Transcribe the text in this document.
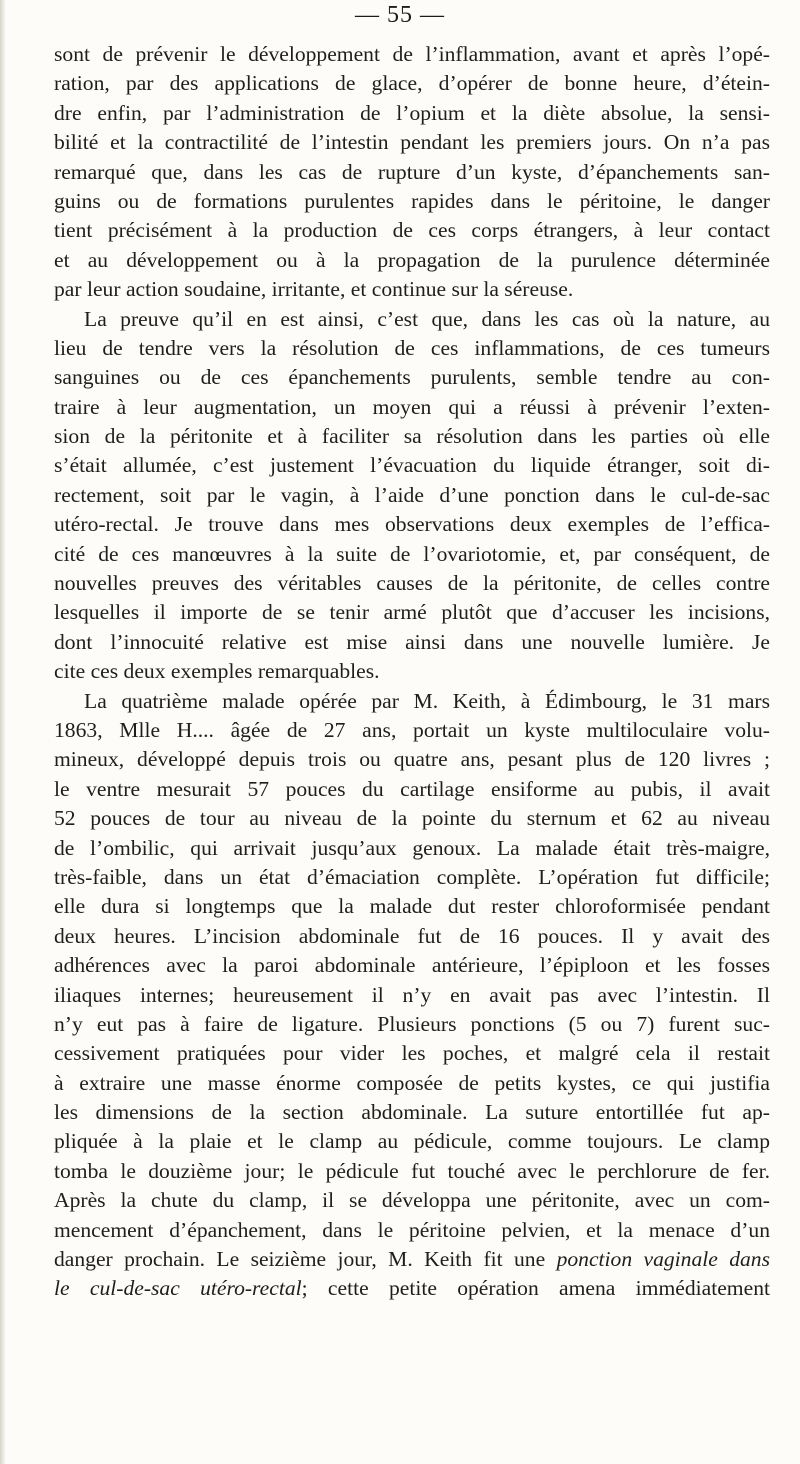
— 55 —
sont de prévenir le développement de l’inflammation, avant et après l’opé-
ration, par des applications de glace, d’opérer de bonne heure, d’étein-
dre enfin, par l’administration de l’opium et la diète absolue, la sensi-
bilité et la contractilité de l’intestin pendant les premiers jours. On n’a pas
remarqué que, dans les cas de rupture d’un kyste, d’épanchements san-
guins ou de formations purulentes rapides dans le péritoine, le danger
tient précisément à la production de ces corps étrangers, à leur contact
et au développement ou à la propagation de la purulence déterminée
par leur action soudaine, irritante, et continue sur la séreuse.
La preuve qu’il en est ainsi, c’est que, dans les cas où la nature, au
lieu de tendre vers la résolution de ces inflammations, de ces tumeurs
sanguines ou de ces épanchements purulents, semble tendre au con-
traire à leur augmentation, un moyen qui a réussi à prévenir l’exten-
sion de la péritonite et à faciliter sa résolution dans les parties où elle
s’était allumée, c’est justement l’évacuation du liquide étranger, soit di-
rectement, soit par le vagin, à l’aide d’une ponction dans le cul-de-sac
utéro-rectal. Je trouve dans mes observations deux exemples de l’effica-
cité de ces manœuvres à la suite de l’ovariotomie, et, par conséquent, de
nouvelles preuves des véritables causes de la péritonite, de celles contre
lesquelles il importe de se tenir armé plutôt que d’accuser les incisions,
dont l’innocuité relative est mise ainsi dans une nouvelle lumière. Je
cite ces deux exemples remarquables.
La quatrième malade opérée par M. Keith, à Édimbourg, le 31 mars
1863, Mlle H.... âgée de 27 ans, portait un kyste multiloculaire volu-
mineux, développé depuis trois ou quatre ans, pesant plus de 120 livres ;
le ventre mesurait 57 pouces du cartilage ensiforme au pubis, il avait
52 pouces de tour au niveau de la pointe du sternum et 62 au niveau
de l’ombilic, qui arrivait jusqu’aux genoux. La malade était très-maigre,
très-faible, dans un état d’émaciation complète. L’opération fut difficile;
elle dura si longtemps que la malade dut rester chloroformisée pendant
deux heures. L’incision abdominale fut de 16 pouces. Il y avait des
adhérences avec la paroi abdominale antérieure, l’épiploon et les fosses
iliaques internes; heureusement il n’y en avait pas avec l’intestin. Il
n’y eut pas à faire de ligature. Plusieurs ponctions (5 ou 7) furent suc-
cessivement pratiquées pour vider les poches, et malgré cela il restait
à extraire une masse énorme composée de petits kystes, ce qui justifia
les dimensions de la section abdominale. La suture entortillée fut ap-
pliquée à la plaie et le clamp au pédicule, comme toujours. Le clamp
tomba le douzième jour; le pédicule fut touché avec le perchlorure de fer.
Après la chute du clamp, il se développa une péritonite, avec un com-
mencement d’épanchement, dans le péritoine pelvien, et la menace d’un
danger prochain. Le seizième jour, M. Keith fit une ponction vaginale dans
le cul-de-sac utéro-rectal; cette petite opération amena immédiatement
